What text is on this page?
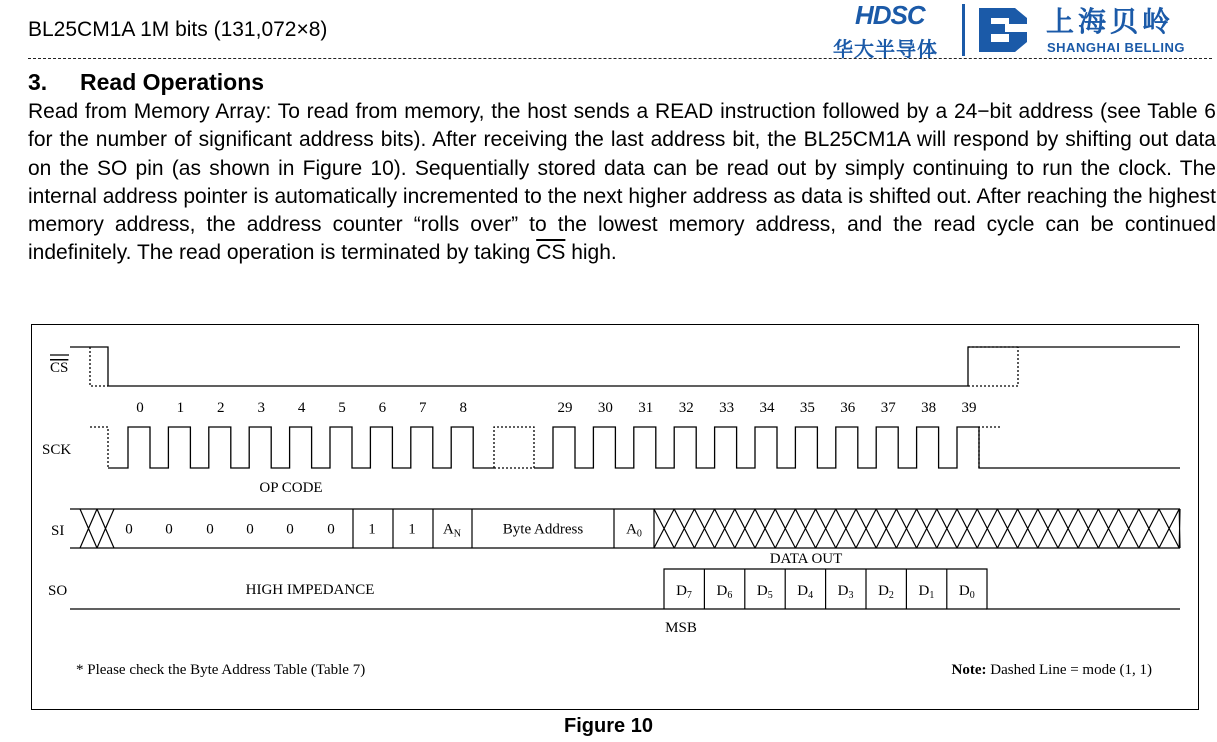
BL25CM1A 1M bits (131,072×8)	HDSC
华大半导体
上海贝岭
SHANGHAI BELLING
3. Read Operations
Read from Memory Array: To read from memory, the host sends a READ instruction followed by a 24−bit address (see Table 6 for the number of significant address bits). After receiving the last address bit, the BL25CM1A will respond by shifting out data on the SO pin (as shown in Figure 10). Sequentially stored data can be read out by simply continuing to run the clock. The internal address pointer is automatically incremented to the next higher address as data is shifted out. After reaching the highest memory address, the address counter “rolls over” to the lowest memory address, and the read cycle can be continued indefinitely. The read operation is terminated by taking $\overline{CS}$ high.
0 0 0 0 0 0 1 1 $A_N$	Byte Address	$A_0$
$D_7$ $D_6$ $D_5$ $D_4$ $D_3$ $D_2$ $D_1$ $D_0$
CS
SCK
SI
SO
0 1 2 3 4 5 6 7 8	29 30 31 32 33 34 35 36 37 38 39
OP CODE
DATA OUT
HIGH IMPEDANCE
MSB
* Please check the Byte Address Table (Table 7)	Note: Dashed Line = mode (1, 1)
Figure 10
